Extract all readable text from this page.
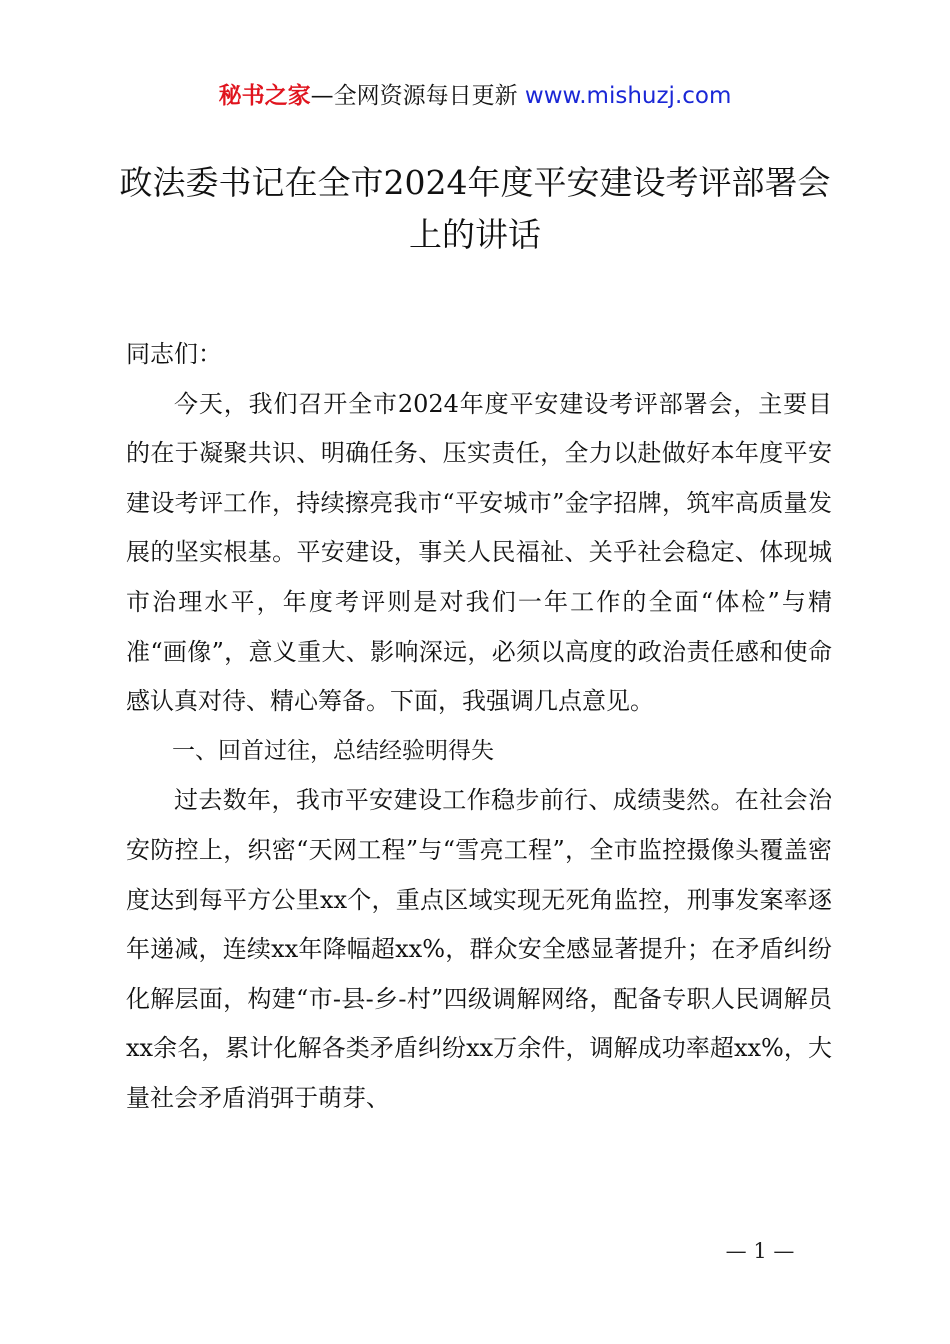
秘书之家—全网资源每日更新 www.mishuzj.com
政法委书记在全市2024年度平安建设考评部署会上的讲话

同志们：

今天，我们召开全市2024年度平安建设考评部署会，主要目的在于凝聚共识、明确任务、压实责任，全力以赴做好本年度平安建设考评工作，持续擦亮我市“平安城市”金字招牌，筑牢高质量发展的坚实根基。平安建设，事关人民福祉、关乎社会稳定、体现城市治理水平，年度考评则是对我们一年工作的全面“体检”与精准“画像”，意义重大、影响深远，必须以高度的政治责任感和使命感认真对待、精心筹备。下面，我强调几点意见。

一、回首过往，总结经验明得失

过去数年，我市平安建设工作稳步前行、成绩斐然。在社会治安防控上，织密“天网工程”与“雪亮工程”，全市监控摄像头覆盖密度达到每平方公里xx个，重点区域实现无死角监控，刑事发案率逐年递减，连续xx年降幅超xx%，群众安全感显著提升；在矛盾纠纷化解层面，构建“市-县-乡-村”四级调解网络，配备专职人民调解员xx余名，累计化解各类矛盾纠纷xx万余件，调解成功率超xx%，大量社会矛盾消弭于萌芽、

— 1 —
